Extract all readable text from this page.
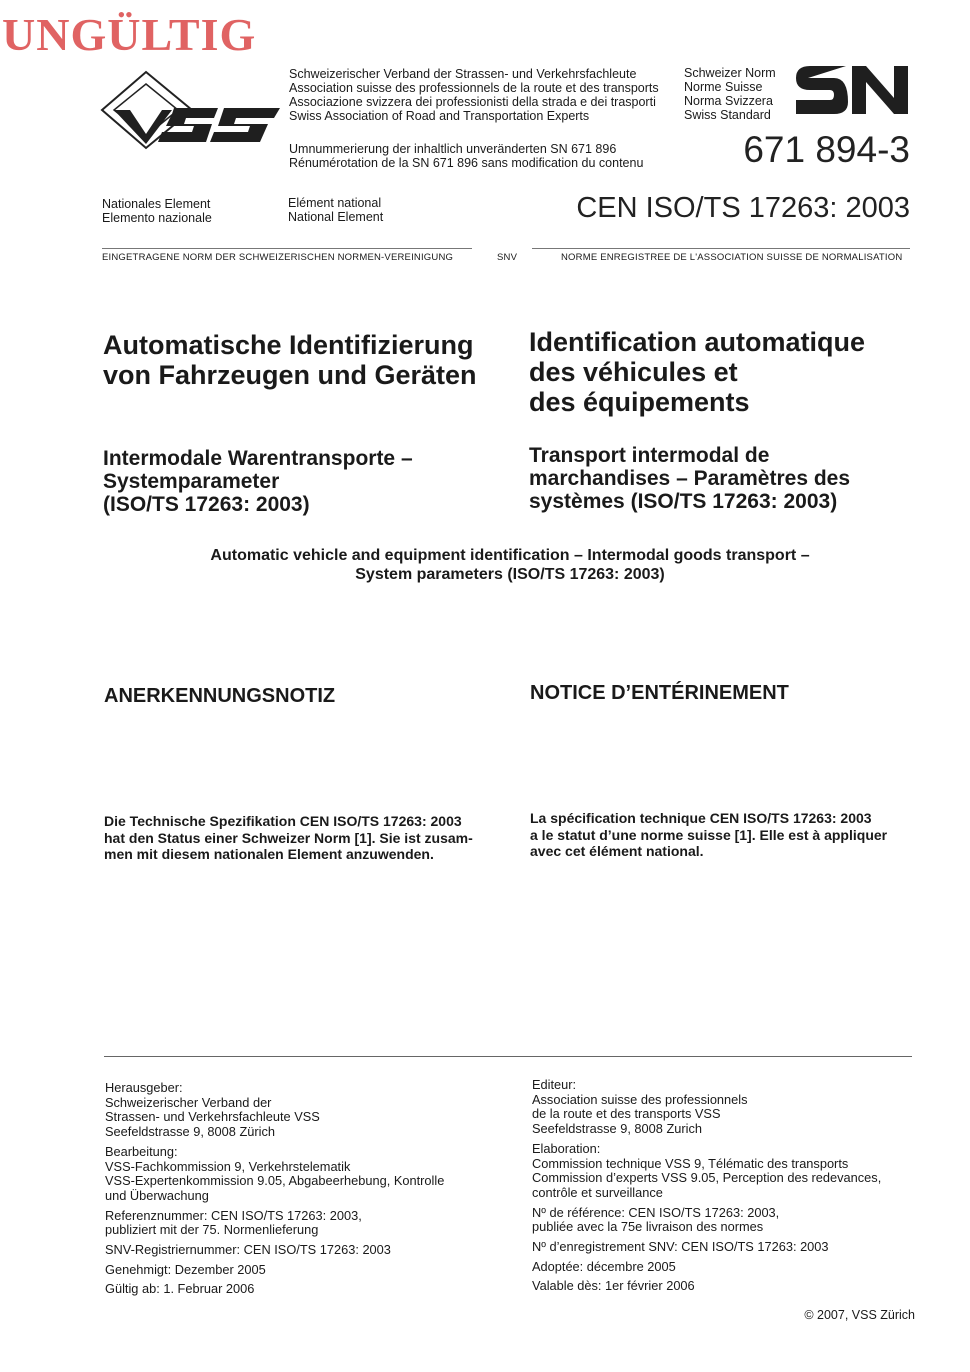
UNGÜLTIG
Schweizerischer Verband der Strassen- und Verkehrsfachleute
Association suisse des professionnels de la route et des transports
Associazione svizzera dei professionisti della strada e dei trasporti
Swiss Association of Road and Transportation Experts
Schweizer Norm
Norme Suisse
Norma Svizzera
Swiss Standard
Umnummerierung der inhaltlich unveränderten SN 671 896
Rénumérotation de la SN 671 896 sans modification du contenu	671 894-3
CEN ISO/TS 17263: 2003
Nationales Element
Elemento nazionale
Elément national
National Element
EINGETRAGENE NORM DER SCHWEIZERISCHEN NORMEN-VEREINIGUNG	SNV	NORME ENREGISTREE DE L'ASSOCIATION SUISSE DE NORMALISATION
Automatische Identifizierung
von Fahrzeugen und Geräten
Identification automatique
des véhicules et
des équipements
Intermodale Warentransporte –
Systemparameter
(ISO/TS 17263: 2003)
Transport intermodal de
marchandises – Paramètres des
systèmes (ISO/TS 17263: 2003)
Automatic vehicle and equipment identification – Intermodal goods transport –
System parameters (ISO/TS 17263: 2003)
ANERKENNUNGSNOTIZ	NOTICE D’ENTÉRINEMENT
Die Technische Spezifikation CEN ISO/TS 17263: 2003
hat den Status einer Schweizer Norm [1]. Sie ist zusam-
men mit diesem nationalen Element anzuwenden.
La spécification technique CEN ISO/TS 17263: 2003
a le statut d’une norme suisse [1]. Elle est à appliquer
avec cet élément national.

Herausgeber:

Schweizerischer Verband der

Strassen- und Verkehrsfachleute VSS

Seefeldstrasse 9, 8008 Zürich

Bearbeitung:

VSS-Fachkommission 9, Verkehrstelematik

VSS-Expertenkommission 9.05, Abgabeerhebung, Kontrolle

und Überwachung

Referenznummer: CEN ISO/TS 17263: 2003,

publiziert mit der 75. Normenlieferung

SNV-Registriernummer: CEN ISO/TS 17263: 2003

Genehmigt: Dezember 2005

Gültig ab: 1. Februar 2006

Editeur:

Association suisse des professionnels

de la route et des transports VSS

Seefeldstrasse 9, 8008 Zurich

Elaboration:

Commission technique VSS 9, Télématic des transports

Commission d’experts VSS 9.05, Perception des redevances,

contrôle et surveillance

Nº de référence: CEN ISO/TS 17263: 2003,

publiée avec la 75e livraison des normes

Nº d’enregistrement SNV: CEN ISO/TS 17263: 2003

Adoptée: décembre 2005

Valable dès: 1er février 2006

© 2007, VSS Zürich
